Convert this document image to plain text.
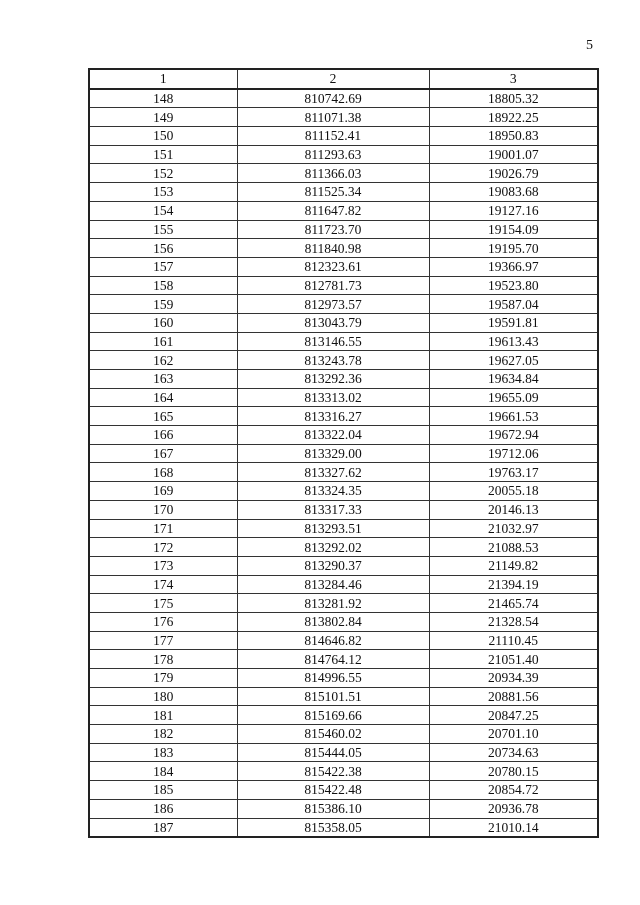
5
1	2	3
148	810742.69	18805.32
149	811071.38	18922.25
150	811152.41	18950.83
151	811293.63	19001.07
152	811366.03	19026.79
153	811525.34	19083.68
154	811647.82	19127.16
155	811723.70	19154.09
156	811840.98	19195.70
157	812323.61	19366.97
158	812781.73	19523.80
159	812973.57	19587.04
160	813043.79	19591.81
161	813146.55	19613.43
162	813243.78	19627.05
163	813292.36	19634.84
164	813313.02	19655.09
165	813316.27	19661.53
166	813322.04	19672.94
167	813329.00	19712.06
168	813327.62	19763.17
169	813324.35	20055.18
170	813317.33	20146.13
171	813293.51	21032.97
172	813292.02	21088.53
173	813290.37	21149.82
174	813284.46	21394.19
175	813281.92	21465.74
176	813802.84	21328.54
177	814646.82	21110.45
178	814764.12	21051.40
179	814996.55	20934.39
180	815101.51	20881.56
181	815169.66	20847.25
182	815460.02	20701.10
183	815444.05	20734.63
184	815422.38	20780.15
185	815422.48	20854.72
186	815386.10	20936.78
187	815358.05	21010.14
